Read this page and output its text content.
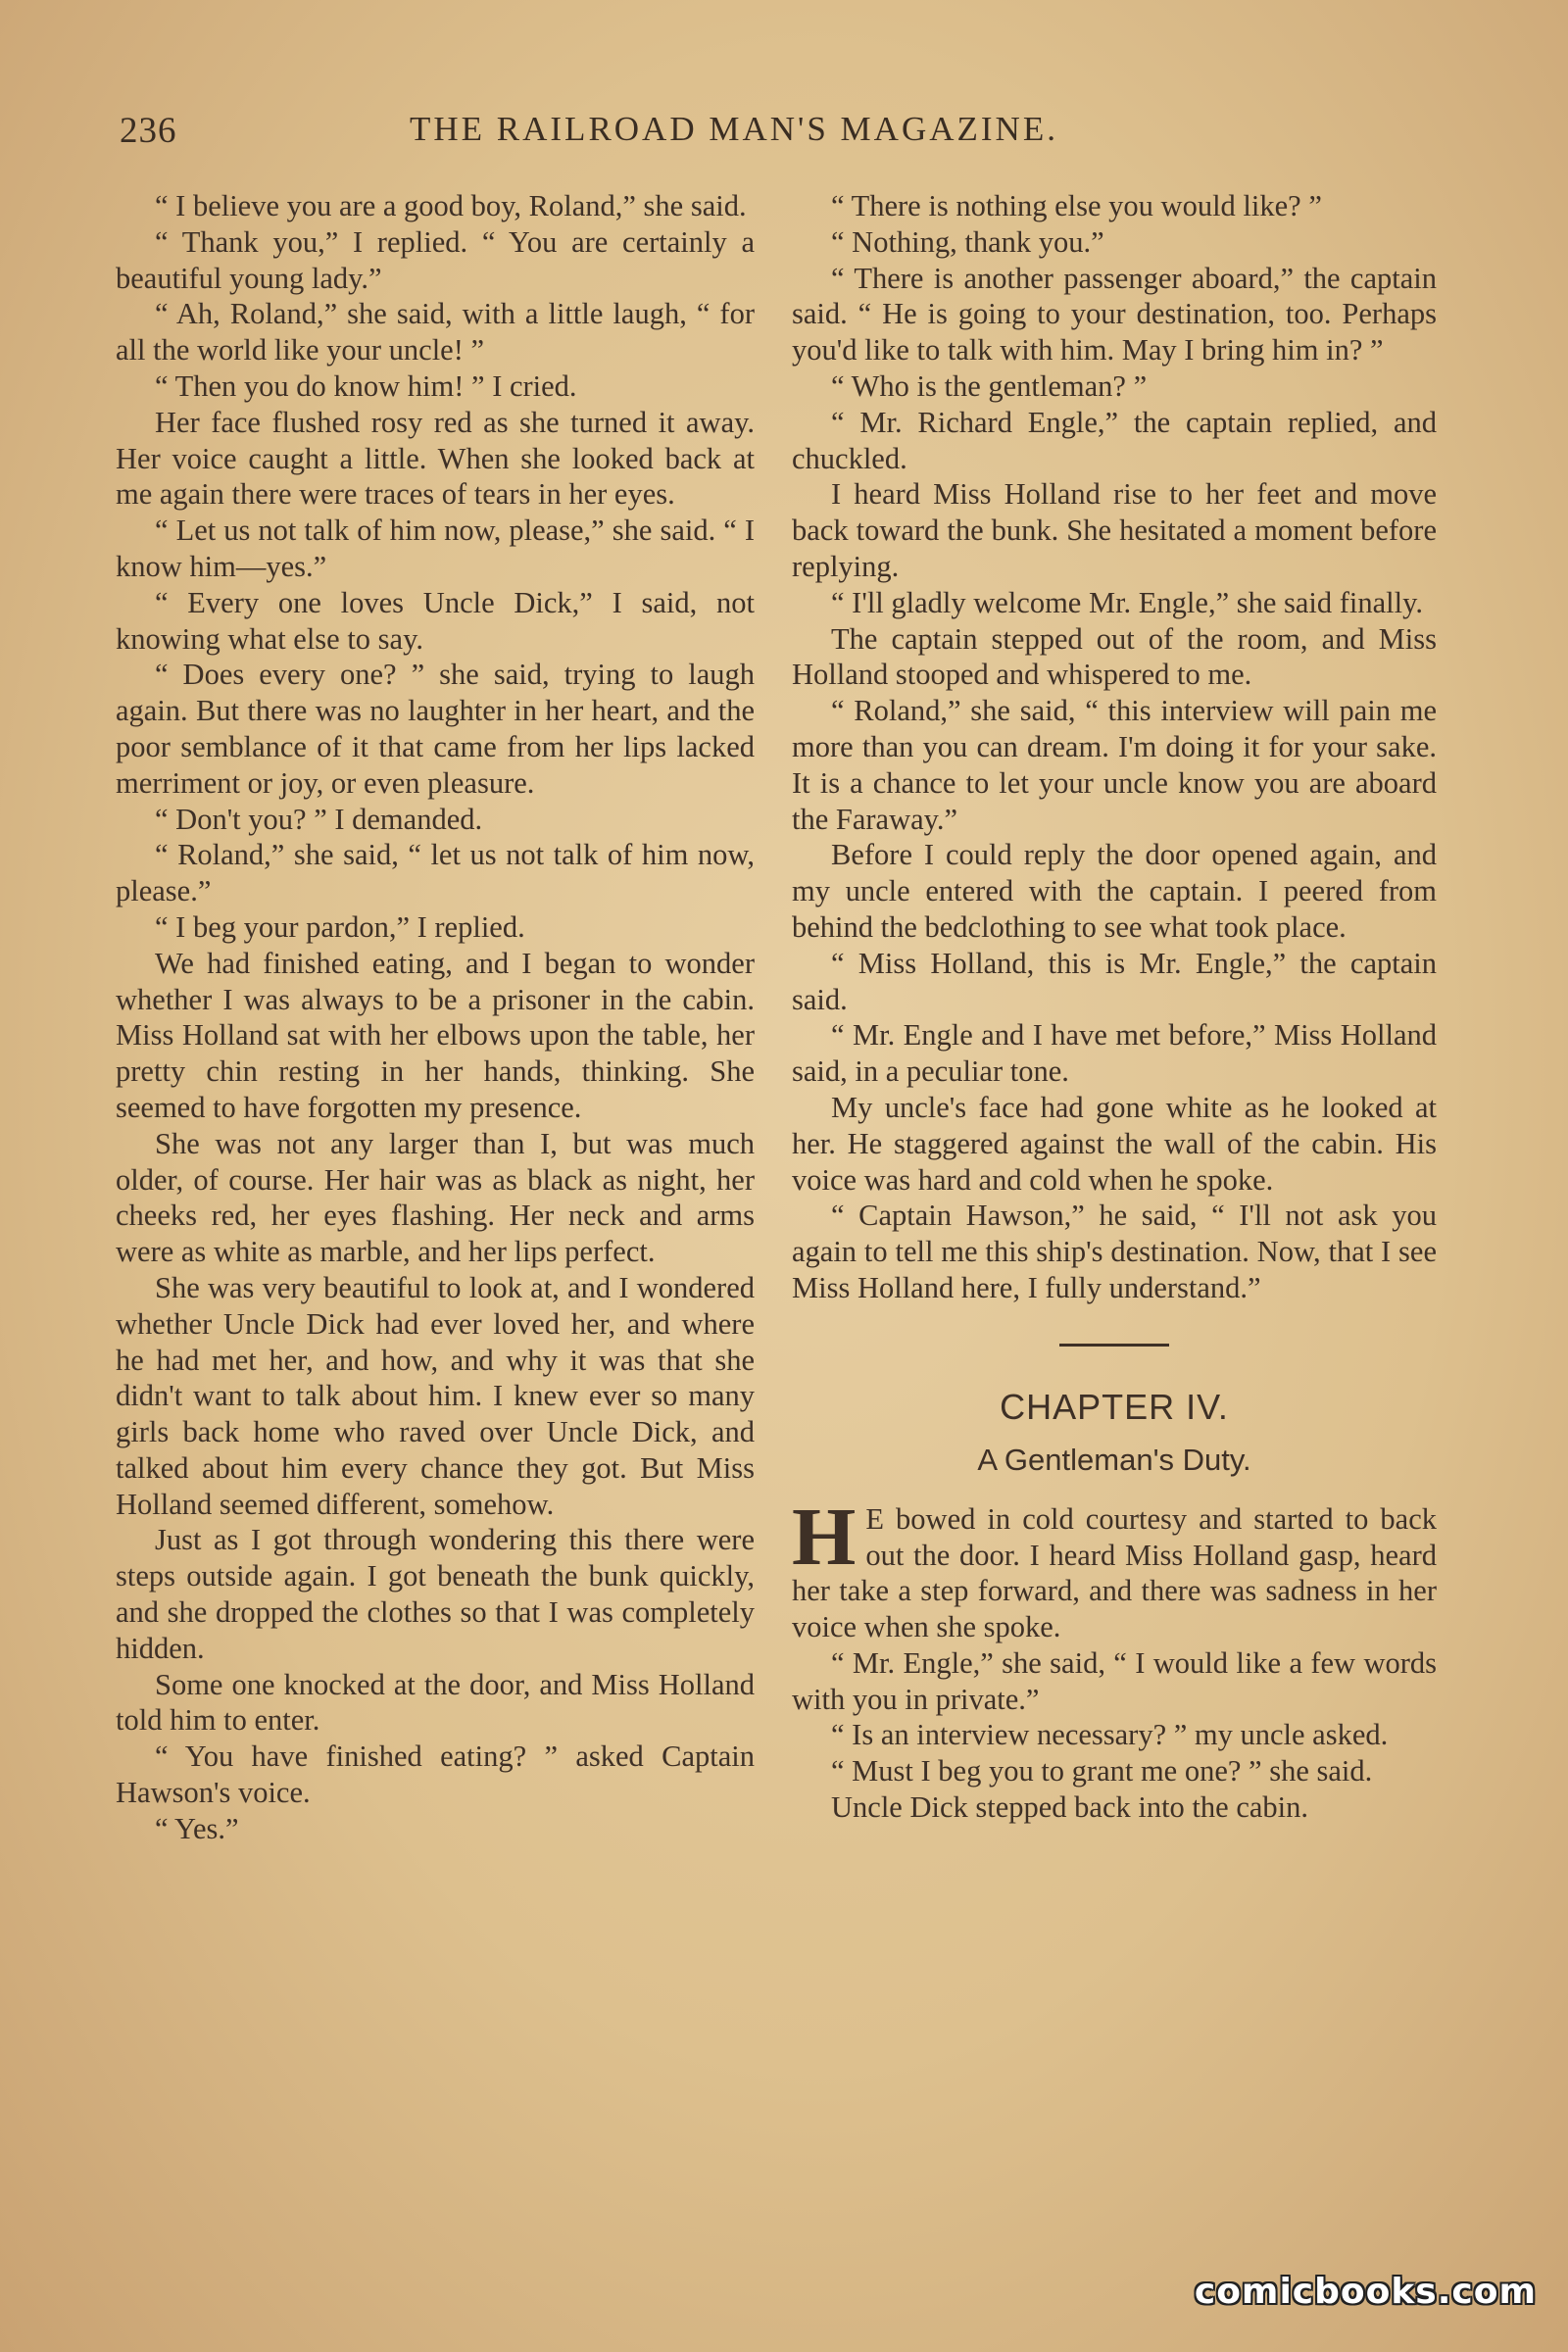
236	THE RAILROAD MAN'S MAGAZINE.

“ I believe you are a good boy, Roland,” she said.

“ Thank you,” I replied. “ You are certainly a beautiful young lady.”

“ Ah, Roland,” she said, with a little laugh, “ for all the world like your uncle! ”

“ Then you do know him! ” I cried.

Her face flushed rosy red as she turned it away. Her voice caught a little. When she looked back at me again there were traces of tears in her eyes.

“ Let us not talk of him now, please,” she said. “ I know him—yes.”

“ Every one loves Uncle Dick,” I said, not knowing what else to say.

“ Does every one? ” she said, trying to laugh again. But there was no laughter in her heart, and the poor semblance of it that came from her lips lacked merriment or joy, or even pleasure.

“ Don't you? ” I demanded.

“ Roland,” she said, “ let us not talk of him now, please.”

“ I beg your pardon,” I replied.

We had finished eating, and I began to wonder whether I was always to be a prisoner in the cabin. Miss Holland sat with her elbows upon the table, her pretty chin resting in her hands, thinking. She seemed to have forgotten my presence.

She was not any larger than I, but was much older, of course. Her hair was as black as night, her cheeks red, her eyes flashing. Her neck and arms were as white as marble, and her lips perfect.

She was very beautiful to look at, and I wondered whether Uncle Dick had ever loved her, and where he had met her, and how, and why it was that she didn't want to talk about him. I knew ever so many girls back home who raved over Uncle Dick, and talked about him every chance they got. But Miss Holland seemed different, somehow.

Just as I got through wondering this there were steps outside again. I got beneath the bunk quickly, and she dropped the clothes so that I was completely hidden.

Some one knocked at the door, and Miss Holland told him to enter.

“ You have finished eating? ” asked Captain Hawson's voice.

“ Yes.”

“ There is nothing else you would like? ”

“ Nothing, thank you.”

“ There is another passenger aboard,” the captain said. “ He is going to your destination, too. Perhaps you'd like to talk with him. May I bring him in? ”

“ Who is the gentleman? ”

“ Mr. Richard Engle,” the captain replied, and chuckled.

I heard Miss Holland rise to her feet and move back toward the bunk. She hesitated a moment before replying.

“ I'll gladly welcome Mr. Engle,” she said finally.

The captain stepped out of the room, and Miss Holland stooped and whispered to me.

“ Roland,” she said, “ this interview will pain me more than you can dream. I'm doing it for your sake. It is a chance to let your uncle know you are aboard the Faraway.”

Before I could reply the door opened again, and my uncle entered with the captain. I peered from behind the bedclothing to see what took place.

“ Miss Holland, this is Mr. Engle,” the captain said.

“ Mr. Engle and I have met before,” Miss Holland said, in a peculiar tone.

My uncle's face had gone white as he looked at her. He staggered against the wall of the cabin. His voice was hard and cold when he spoke.

“ Captain Hawson,” he said, “ I'll not ask you again to tell me this ship's destination. Now, that I see Miss Holland here, I fully understand.”

CHAPTER IV.
A Gentleman's Duty.

H E bowed in cold courtesy and started to back out the door. I heard Miss Holland gasp, heard her take a step forward, and there was sadness in her voice when she spoke.

“ Mr. Engle,” she said, “ I would like a few words with you in private.”

“ Is an interview necessary? ” my uncle asked.

“ Must I beg you to grant me one? ” she said.

Uncle Dick stepped back into the cabin.

comicbooks.com
